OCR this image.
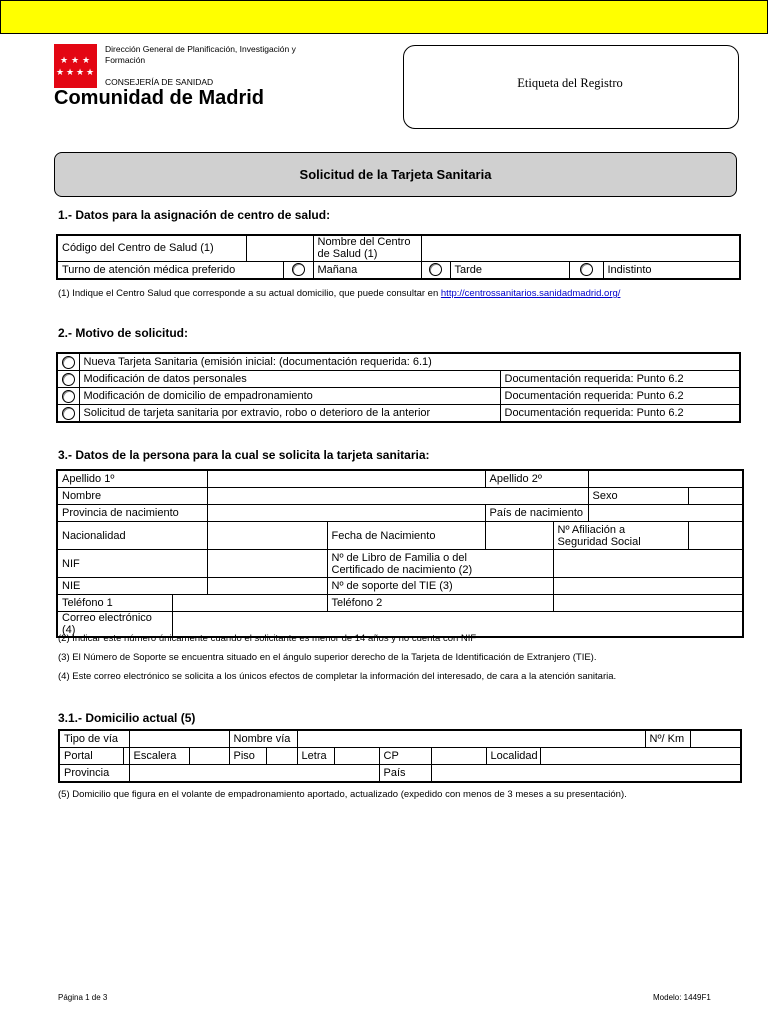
★ ★ ★
★ ★ ★ ★
Dirección General de Planificación, Investigación y
Formación
CONSEJERÍA DE SANIDAD
Comunidad de Madrid
Etiqueta del Registro
Solicitud de la Tarjeta Sanitaria
1.- Datos para la asignación de centro de salud:
Código del Centro de Salud (1)			Nombre del Centro
de Salud (1)				
Turno de atención médica preferido			Mañana		Tarde		Indistinto
(1) Indique el Centro Salud que corresponde a su actual domicilio, que puede consultar en http://centrossanitarios.sanidadmadrid.org/
2.- Motivo de solicitud:
	Nueva Tarjeta Sanitaria (emisión inicial: (documentación requerida: 6.1)	
	Modificación de datos personales	Documentación requerida: Punto 6.2
	Modificación de domicilio de empadronamiento	Documentación requerida: Punto 6.2
	Solicitud de tarjeta sanitaria por extravio, robo o deterioro de la anterior	Documentación requerida: Punto 6.2
3.- Datos de la persona para la cual se solicita la tarjeta sanitaria:
Apellido 1º				Apellido 2º			
Nombre						Sexo	
Provincia de nacimiento				País de nacimiento			
Nacionalidad			Fecha de Nacimiento		Nº Afiliación a
Seguridad Social		
NIF			Nº de Libro de Familia o del
Certificado de nacimiento (2)				
NIE			Nº de soporte del TIE (3)				
Teléfono 1			Teléfono 2				
Correo electrónico (4)							
(2) Indicar este número únicamente cuando el solicitante es menor de 14 años y no cuenta con NIF
(3) El Número de Soporte se encuentra situado en el ángulo superior derecho de la Tarjeta de Identificación de Extranjero (TIE).
(4) Este correo electrónico se solicita a los únicos efectos de completar la información del interesado, de cara a la atención sanitaria.
3.1.- Domicilio actual (5)
Tipo de vía				Nombre vía								Nº/ Km	
Portal		Escalera		Piso		Letra		CP		Localidad			
Provincia								País					
(5) Domicilio que figura en el volante de empadronamiento aportado, actualizado (expedido con menos de 3 meses a su presentación).
Página 1 de 3	Modelo: 1449F1
